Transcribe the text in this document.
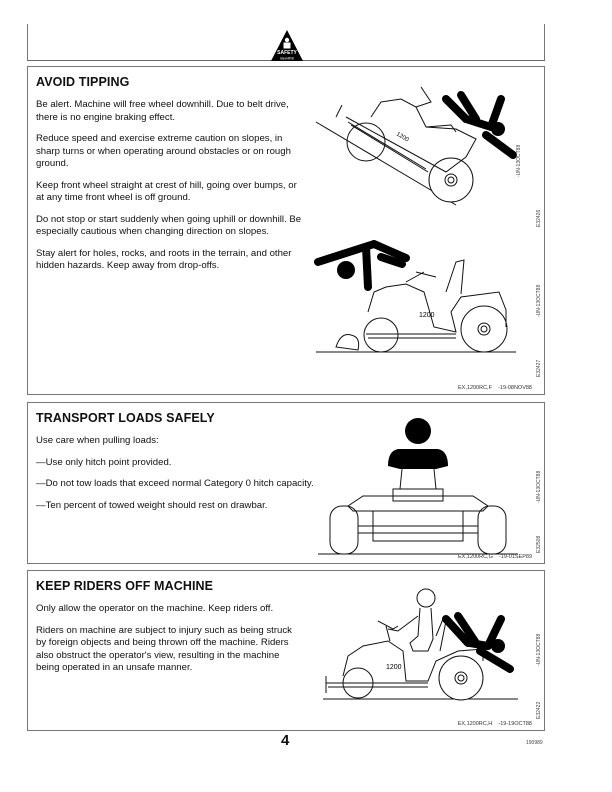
SAFETY
Bewithit
AVOID TIPPING

Be alert. Machine will free wheel downhill. Due to belt drive, there is no engine braking effect.

Reduce speed and exercise extreme caution on slopes, in sharp turns or when operating around obstacles or on rough ground.

Keep front wheel straight at crest of hill, going over bumps, or at any time front wheel is off ground.

Do not stop or start suddenly when going uphill or downhill. Be especially cautious when changing direction on slopes.

Stay alert for holes, rocks, and roots in the terrain, and other hidden hazards. Keep away from drop-offs.

1200
-UN-13OCT88
E32426
1200	-UN-13OCT88
E32427
EX,1200RC,F    -19-08NOV88
TRANSPORT LOADS SAFELY

Use care when pulling loads:

—Use only hitch point provided.

—Do not tow loads that exceed normal Category 0 hitch capacity.

—Ten percent of towed weight should rest on drawbar.

-UN-13OCT88
E32508
EX,1200RC,G    -19-01SEP89
KEEP RIDERS OFF MACHINE

Only allow the operator on the machine. Keep riders off.

Riders on machine are subject to injury such as being struck by foreign objects and being thrown off the machine. Riders also obstruct the operator's view, resulting in the machine being operated in an unsafe manner.	1200
-UN-13OCT88
E32422
EX,1200RC,H    -19-19OCT88
4	190989
